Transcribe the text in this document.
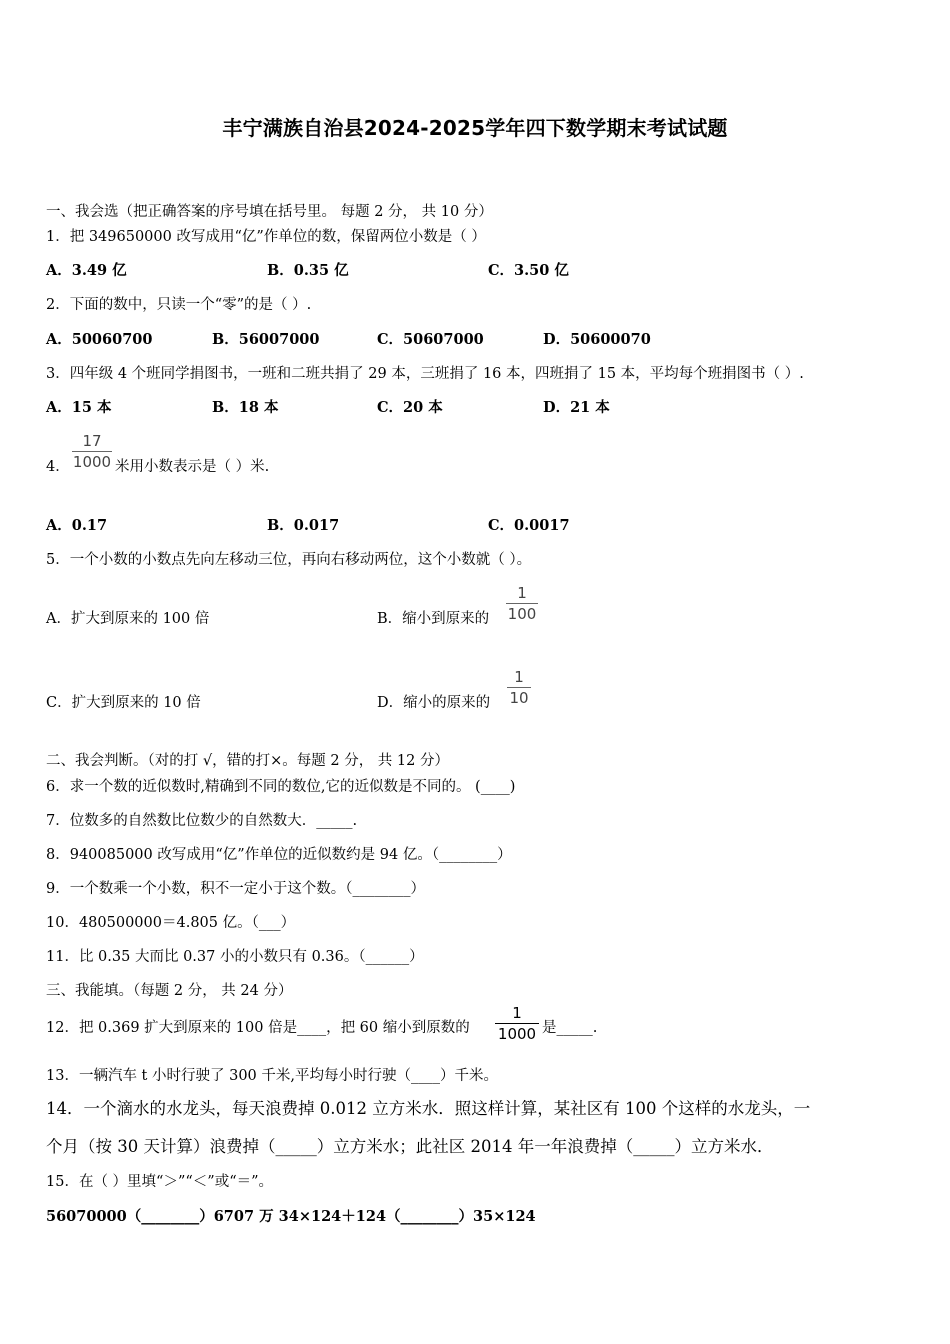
丰宁满族自治县2024-2025学年四下数学期末考试试题
一、我会选（把正确答案的序号填在括号里。 每题 2 分， 共 10 分）
1．把 349650000 改写成用“亿”作单位的数，保留两位小数是（ ）
A．3.49 亿	B．0.35 亿	C．3.50 亿
2．下面的数中，只读一个“零”的是（ ）.
A．50060700	B．56007000	C．50607000	D．50600070
3．四年级 4 个班同学捐图书，一班和二班共捐了 29 本，三班捐了 16 本，四班捐了 15 本，平均每个班捐图书（ ）.
A．15 本	B．18 本	C．20 本	D．21 本
4．
17
1000 米用小数表示是（ ）米.
A．0.17	B．0.017	C．0.0017
5．一个小数的小数点先向左移动三位，再向右移动两位，这个小数就（ ）。
A．扩大到原来的 100 倍	B．缩小到原来的
1
100
C．扩大到原来的 10 倍	D．缩小的原来的
1
10
二、我会判断。（对的打 √，错的打×。每题 2 分， 共 12 分）
6．求一个数的近似数时,精确到不同的数位,它的近似数是不同的。 (____)
7．位数多的自然数比位数少的自然数大．_____.
8．940085000 改写成用“亿”作单位的近似数约是 94 亿。（________）
9．一个数乘一个小数，积不一定小于这个数。（________）
10．480500000＝4.805 亿。（___）
11．比 0.35 大而比 0.37 小的小数只有 0.36。（______）
三、我能填。（每题 2 分， 共 24 分）
12．把 0.369 扩大到原来的 100 倍是____，把 60 缩小到原数的
1
1000 是_____.
13．一辆汽车 t 小时行驶了 300 千米,平均每小时行驶（____）千米。
14．一个滴水的水龙头，每天浪费掉 0.012 立方米水．照这样计算，某社区有 100 个这样的水龙头，一
个月（按 30 天计算）浪费掉（_____）立方米水；此社区 2014 年一年浪费掉（_____）立方米水．
15．在（ ）里填“＞”“＜”或“＝”。
56070000（________）6707 万 34×124＋124（________）35×124
